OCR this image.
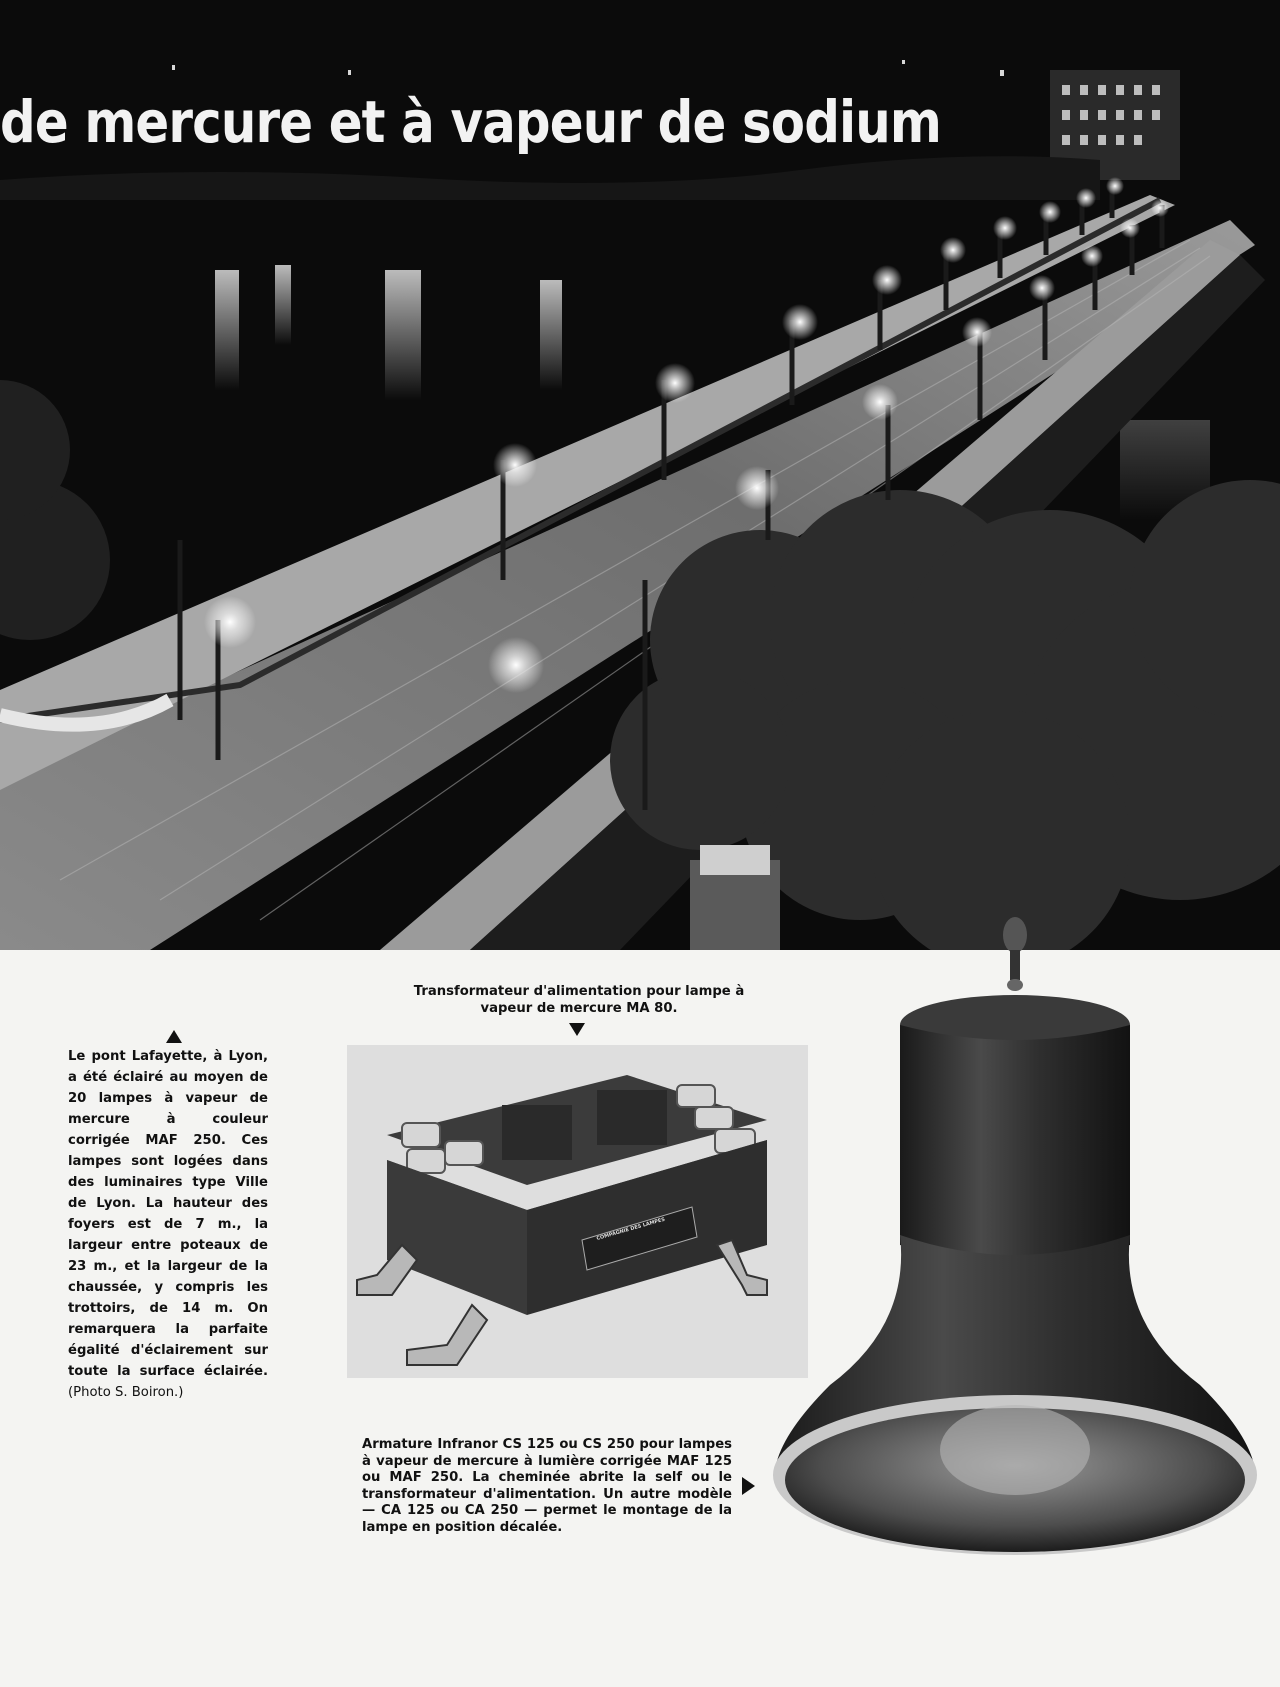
de mercure et à vapeur de sodium

Le pont Lafayette, à Lyon, a été éclairé au moyen de 20 lampes à vapeur de mercure à couleur corrigée MAF 250. Ces lampes sont logées dans des luminaires type Ville de Lyon. La hauteur des foyers est de 7 m., la largeur entre poteaux de 23 m., et la largeur de la chaussée, y compris les trottoirs, de 14 m. On remarquera la parfaite égalité d'éclairement sur toute la surface éclairée. (Photo S. Boiron.)

Transformateur d'alimentation pour lampe à vapeur de mercure MA 80.

COMPAGNIE DES LAMPES

Armature Infranor CS 125 ou CS 250 pour lampes à vapeur de mercure à lumière corrigée MAF 125 ou MAF 250. La cheminée abrite la self ou le transformateur d'alimentation. Un autre modèle — CA 125 ou CA 250 — permet le montage de la lampe en position décalée.
